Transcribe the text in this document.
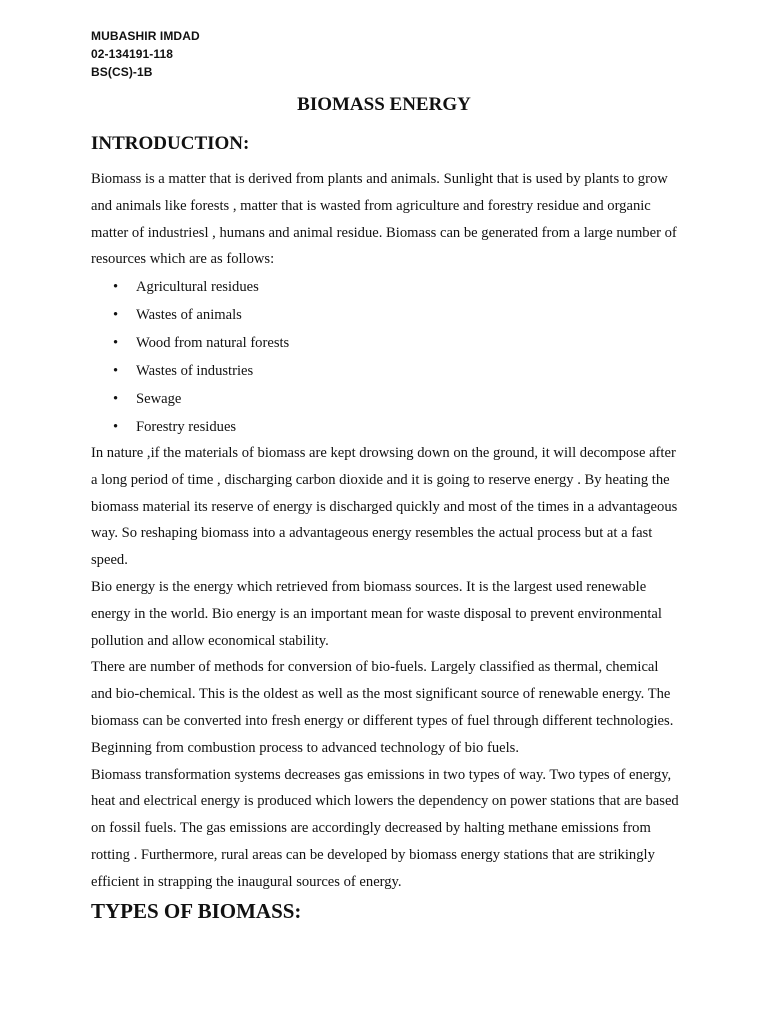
MUBASHIR IMDAD
02-134191-118
BS(CS)-1B
BIOMASS ENERGY
INTRODUCTION:

Biomass is a matter that is derived from plants and animals. Sunlight that is used by plants to grow and animals like forests , matter that is wasted from agriculture and forestry residue and organic matter of industriesl , humans and animal residue. Biomass can be generated from a large number of resources which are as follows:

• Agricultural residues
• Wastes of animals
• Wood from natural forests
• Wastes of industries
• Sewage
• Forestry residues

In nature ,if the materials of biomass are kept drowsing down on the ground, it will decompose after a long period of time , discharging carbon dioxide and it is going to reserve energy . By heating the biomass material its reserve of energy is discharged quickly and most of the times in a advantageous way. So reshaping biomass into a advantageous energy resembles the actual process but at a fast speed.

Bio energy is the energy which retrieved from biomass sources. It is the largest used renewable energy in the world. Bio energy is an important mean for waste disposal to prevent environmental pollution and allow economical stability.

There are number of methods for conversion of bio-fuels. Largely classified as thermal, chemical and bio-chemical. This is the oldest as well as the most significant source of renewable energy. The biomass can be converted into fresh energy or different types of fuel through different technologies. Beginning from combustion process to advanced technology of bio fuels.

Biomass transformation systems decreases gas emissions in two types of way. Two types of energy, heat and electrical energy is produced which lowers the dependency on power stations that are based on fossil fuels. The gas emissions are accordingly decreased by halting methane emissions from rotting . Furthermore, rural areas can be developed by biomass energy stations that are strikingly efficient in strapping the inaugural sources of energy.

TYPES OF BIOMASS:
